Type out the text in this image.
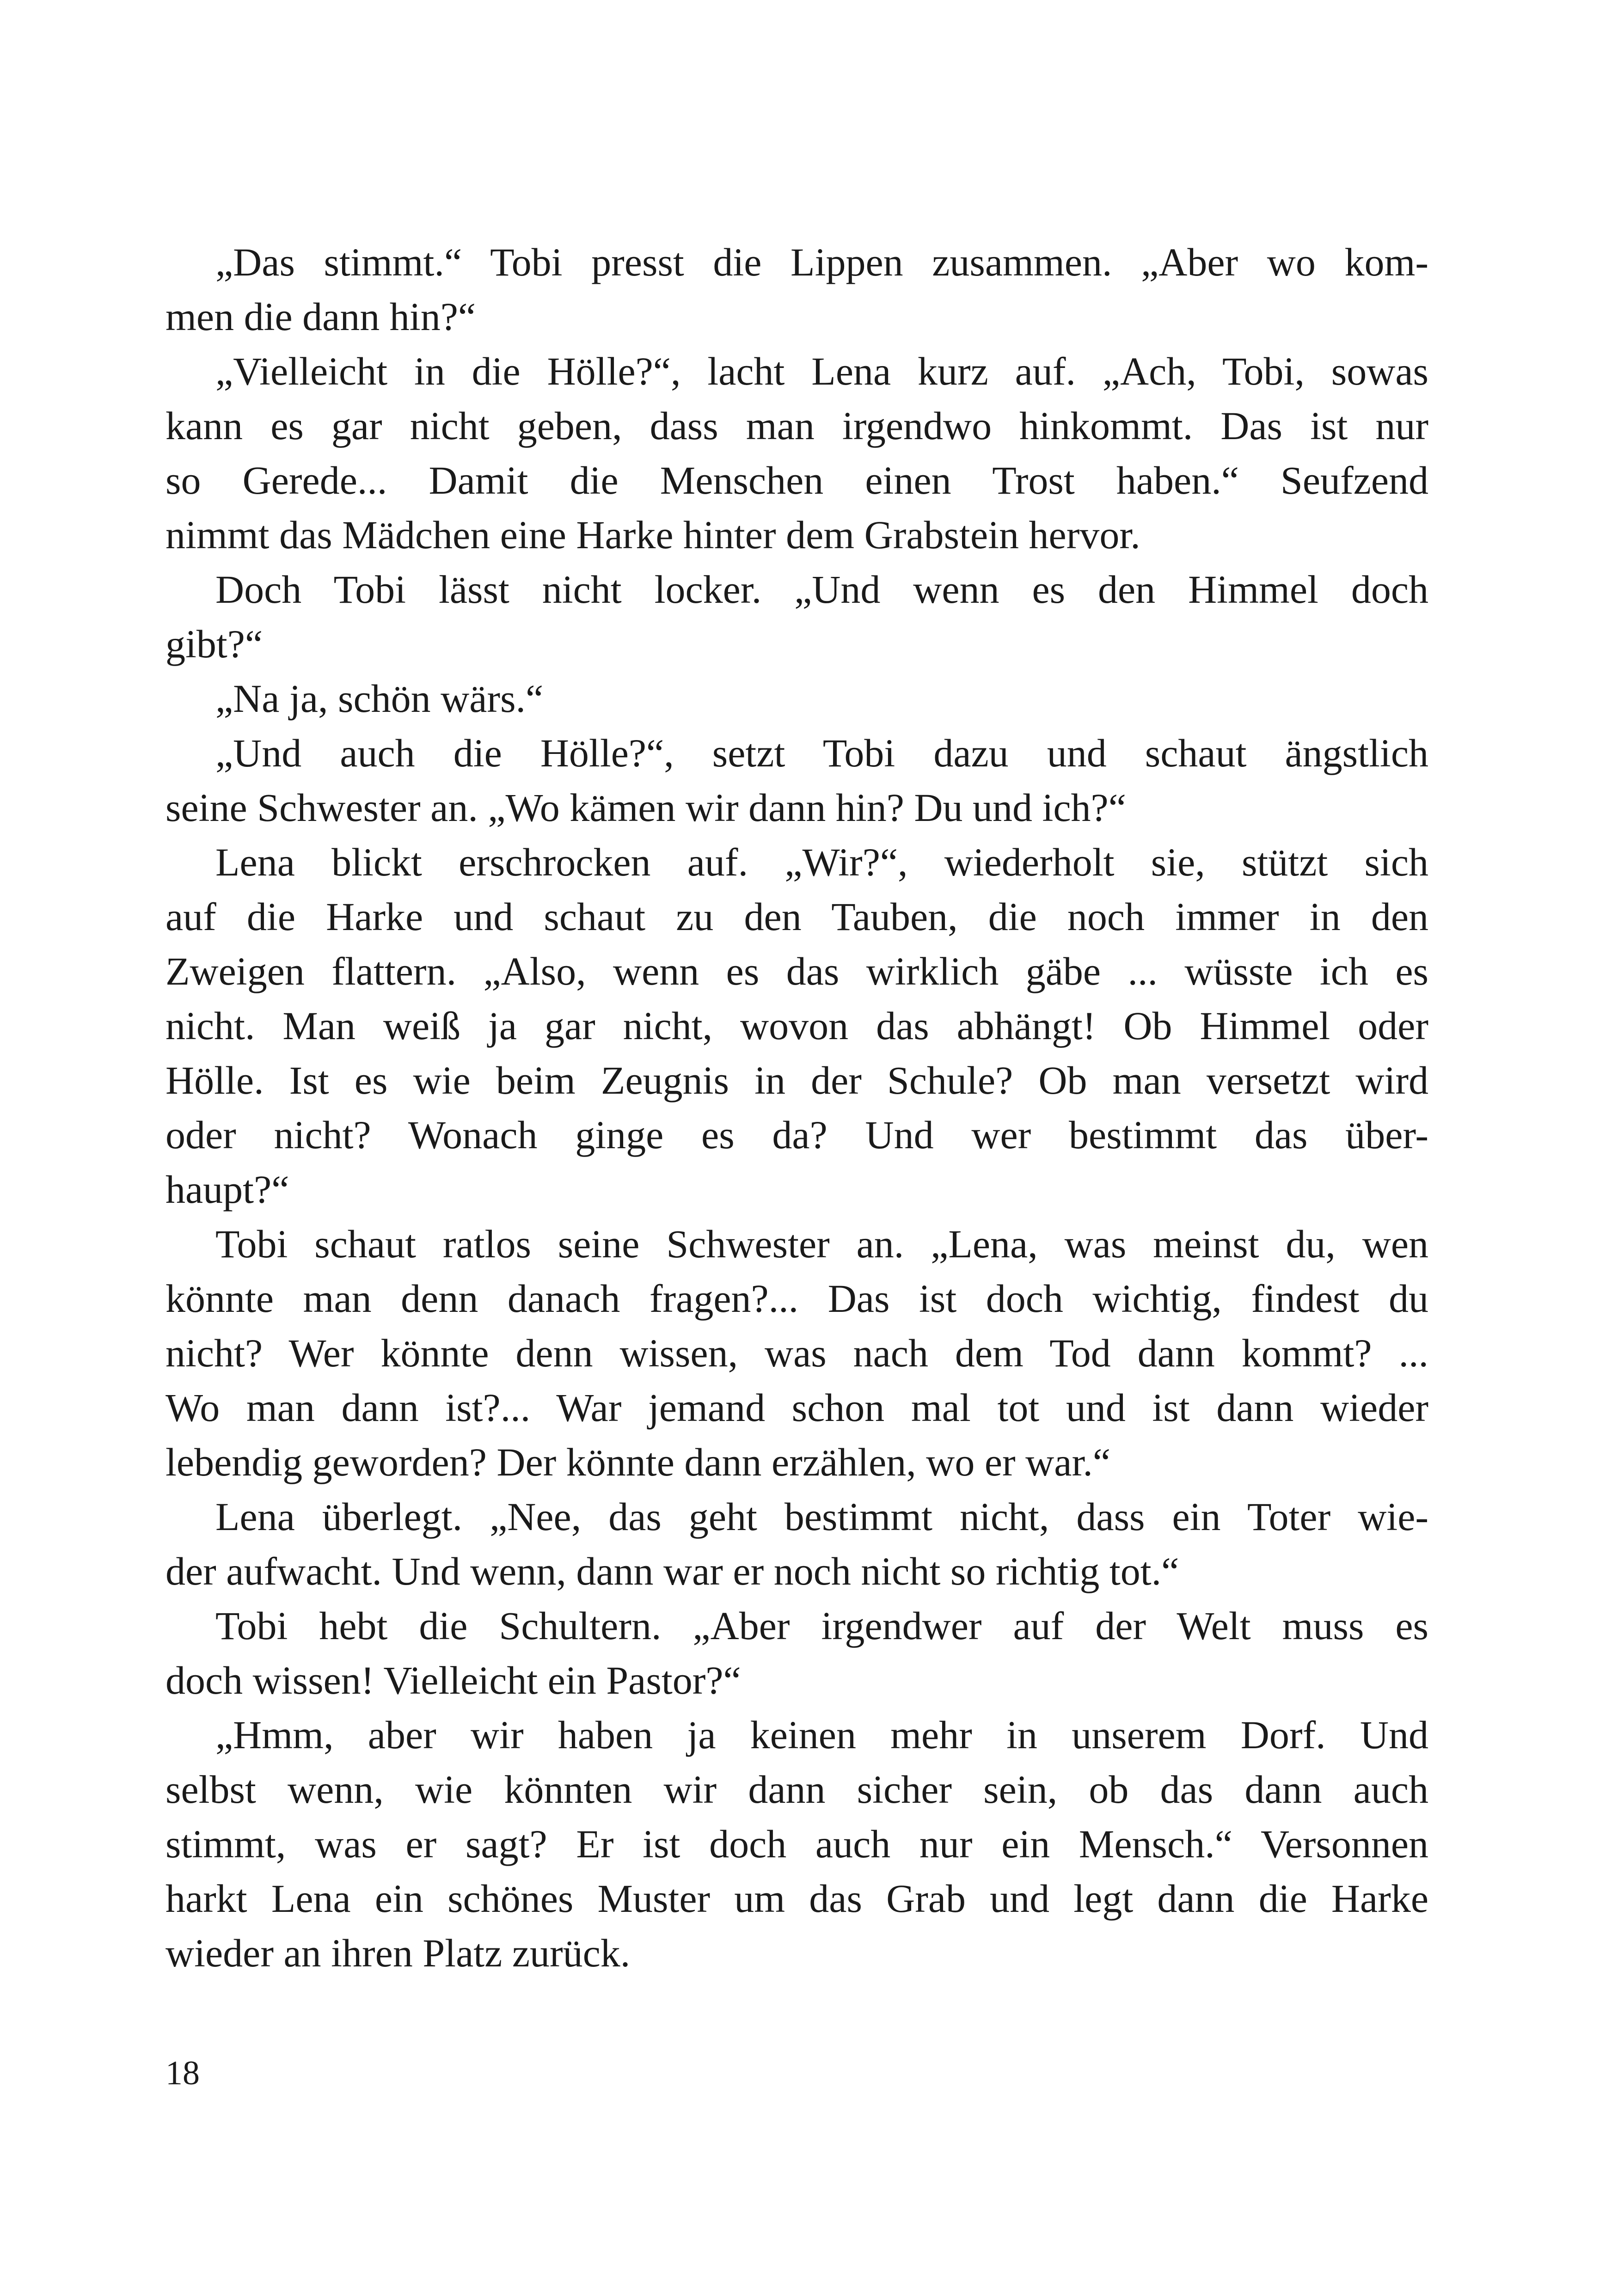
„Das stimmt.“ Tobi presst die Lippen zusammen. „Aber wo kom-
men die dann hin?“
„Vielleicht in die Hölle?“, lacht Lena kurz auf. „Ach, Tobi, sowas
kann es gar nicht geben, dass man irgendwo hinkommt. Das ist nur
so Gerede... Damit die Menschen einen Trost haben.“ Seufzend
nimmt das Mädchen eine Harke hinter dem Grabstein hervor.
Doch Tobi lässt nicht locker. „Und wenn es den Himmel doch
gibt?“
„Na ja, schön wärs.“
„Und auch die Hölle?“, setzt Tobi dazu und schaut ängstlich
seine Schwester an. „Wo kämen wir dann hin? Du und ich?“
Lena blickt erschrocken auf. „Wir?“, wiederholt sie, stützt sich
auf die Harke und schaut zu den Tauben, die noch immer in den
Zweigen flattern. „Also, wenn es das wirklich gäbe ... wüsste ich es
nicht. Man weiß ja gar nicht, wovon das abhängt! Ob Himmel oder
Hölle. Ist es wie beim Zeugnis in der Schule? Ob man versetzt wird
oder nicht? Wonach ginge es da? Und wer bestimmt das über-
haupt?“
Tobi schaut ratlos seine Schwester an. „Lena, was meinst du, wen
könnte man denn danach fragen?... Das ist doch wichtig, findest du
nicht? Wer könnte denn wissen, was nach dem Tod dann kommt? ...
Wo man dann ist?... War jemand schon mal tot und ist dann wieder
lebendig geworden? Der könnte dann erzählen, wo er war.“
Lena überlegt. „Nee, das geht bestimmt nicht, dass ein Toter wie-
der aufwacht. Und wenn, dann war er noch nicht so richtig tot.“
Tobi hebt die Schultern. „Aber irgendwer auf der Welt muss es
doch wissen! Vielleicht ein Pastor?“
„Hmm, aber wir haben ja keinen mehr in unserem Dorf. Und
selbst wenn, wie könnten wir dann sicher sein, ob das dann auch
stimmt, was er sagt? Er ist doch auch nur ein Mensch.“ Versonnen
harkt Lena ein schönes Muster um das Grab und legt dann die Harke
wieder an ihren Platz zurück.
18
